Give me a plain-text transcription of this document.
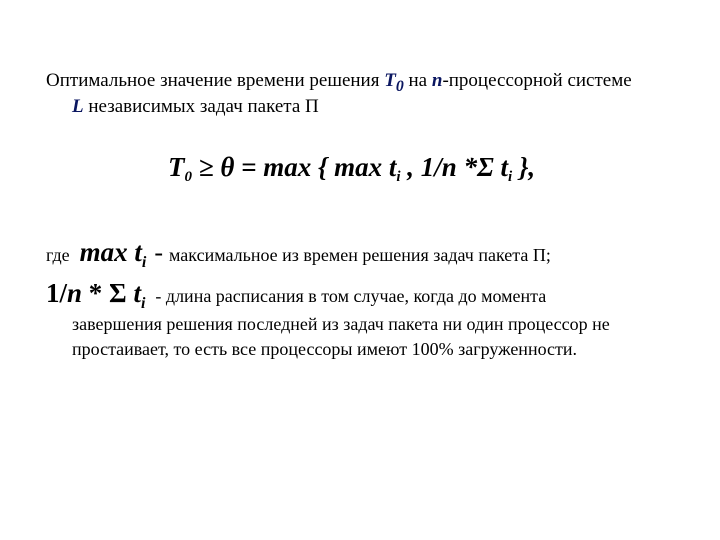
Оптимальное значение времени решения $T_0$ на n-процессорной системе
L независимых задач пакета П
$T_0 \ge \theta = \max$ { $\max t_i$ , 1/n *Σ $t_i$ },
где $\max t_i$ - максимальное из времен решения задач пакета П;
1/n * Σ $t_i$ - длина расписания в том случае, когда до момента
завершения решения последней из задач пакета ни один процессор не
простаивает, то есть все процессоры имеют 100% загруженности.
